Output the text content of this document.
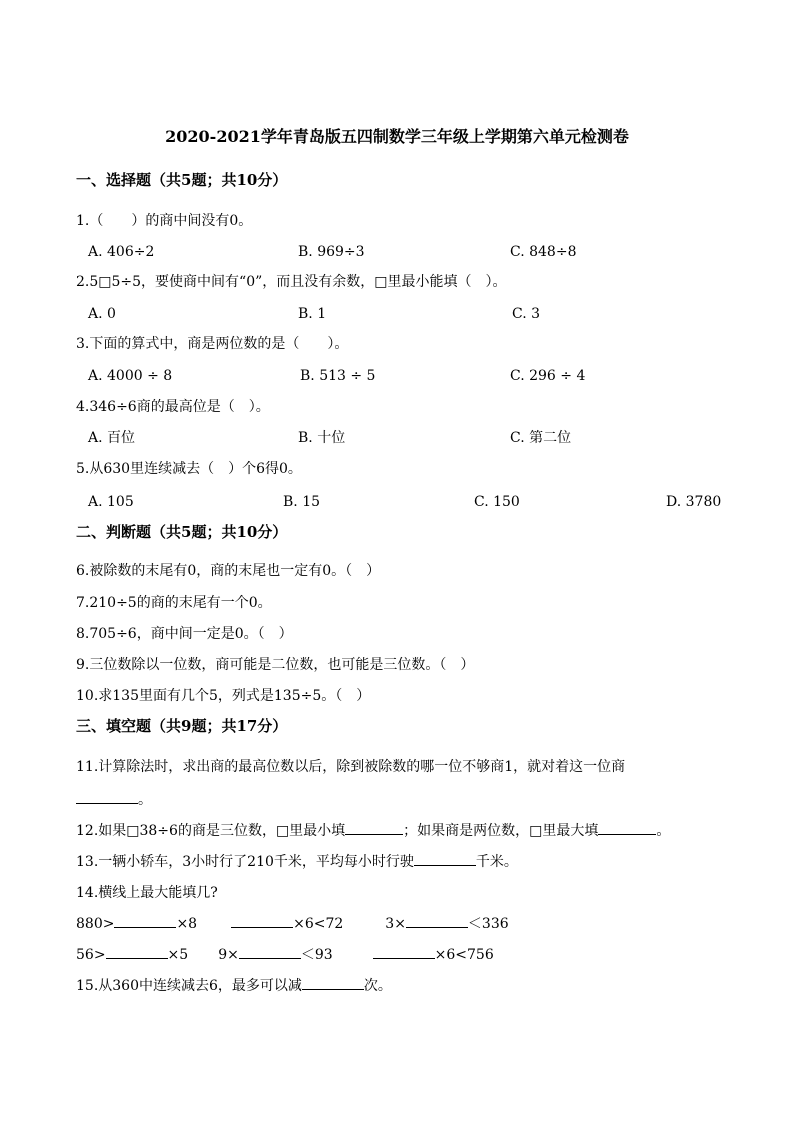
2020-2021学年青岛版五四制数学三年级上学期第六单元检测卷
一、选择题（共5题；共10分）
1.（　　）的商中间没有0。
A. 406÷2	B. 969÷3	C. 848÷8
2.5□5÷5，要使商中间有“0”，而且没有余数，□里最小能填（　）。
A. 0	B. 1	C. 3
3.下面的算式中，商是两位数的是（　　）。
A. 4000 ÷ 8	B. 513 ÷ 5	C. 296 ÷ 4
4.346÷6商的最高位是（　）。
A. 百位	B. 十位	C. 第二位
5.从630里连续减去（　）个6得0。
A. 105	B. 15	C. 150	D. 3780
二、判断题（共5题；共10分）
6.被除数的末尾有0，商的末尾也一定有0。（　）
7.210÷5的商的末尾有一个0。
8.705÷6，商中间一定是0。（　）
9.三位数除以一位数，商可能是二位数，也可能是三位数。（　）
10.求135里面有几个5，列式是135÷5。（　）
三、填空题（共9题；共17分）
11.计算除法时，求出商的最高位数以后，除到被除数的哪一位不够商1，就对着这一位商
。
12.如果□38÷6的商是三位数，□里最小填	；如果商是两位数，□里最大填	。
13.一辆小轿车，3小时行了210千米，平均每小时行驶	千米。
14.横线上最大能填几?
880>	×8	×6<72	3×	＜336
56>	×5 9×	＜93	×6<756
15.从360中连续减去6，最多可以减	次。
